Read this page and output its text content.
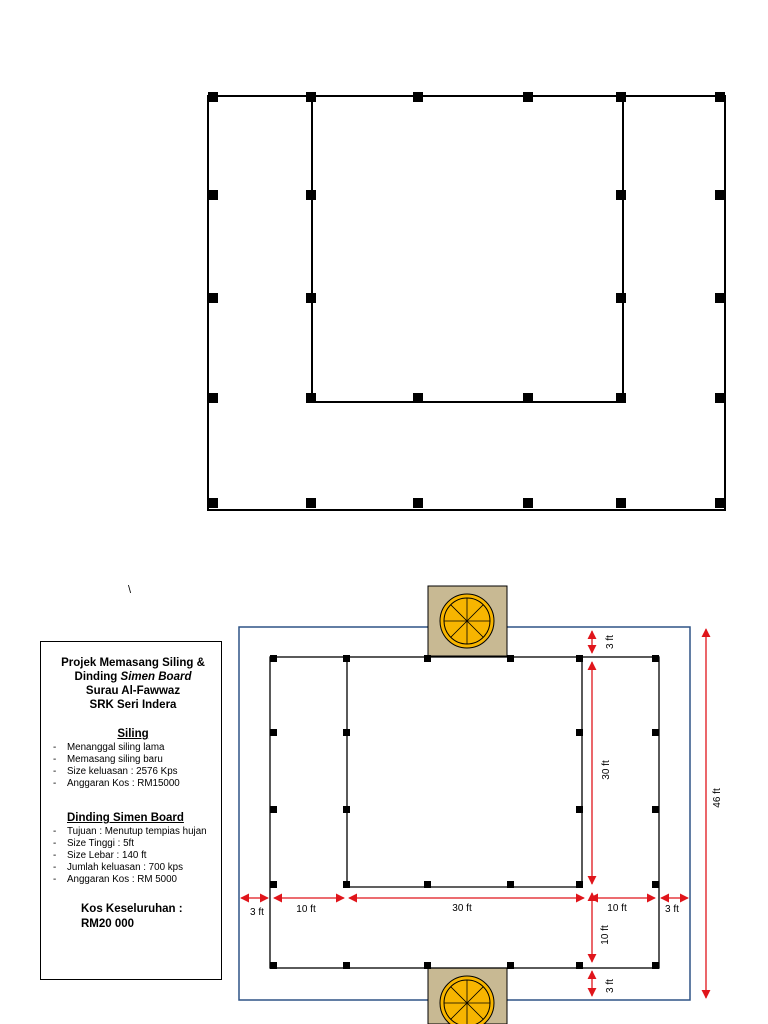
\
3 ft
30 ft
46 ft
3 ft	10 ft	30 ft	10 ft	3 ft
10 ft
3 ft
Projek Memasang Siling &
Dinding Simen Board
Surau Al-Fawwaz
SRK Seri Indera
Siling
- Menanggal siling lama
- Memasang siling baru
- Size keluasan : 2576 Kps
- Anggaran Kos : RM15000
Dinding Simen Board
- Tujuan : Menutup tempias hujan
- Size Tinggi : 5ft
- Size Lebar : 140 ft
- Jumlah keluasan : 700 kps
- Anggaran Kos : RM 5000
Kos Keseluruhan :
RM20 000
